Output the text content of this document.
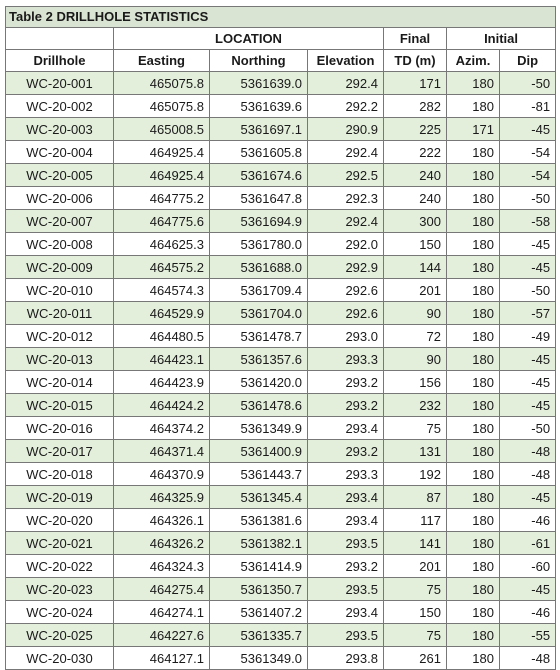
Table 2 DRILLHOLE STATISTICS						
	LOCATION			Final	Initial	
Drillhole	Easting	Northing	Elevation	TD (m)	Azim.	Dip
WC-20-001	465075.8	5361639.0	292.4	171	180	-50
WC-20-002	465075.8	5361639.6	292.2	282	180	-81
WC-20-003	465008.5	5361697.1	290.9	225	171	-45
WC-20-004	464925.4	5361605.8	292.4	222	180	-54
WC-20-005	464925.4	5361674.6	292.5	240	180	-54
WC-20-006	464775.2	5361647.8	292.3	240	180	-50
WC-20-007	464775.6	5361694.9	292.4	300	180	-58
WC-20-008	464625.3	5361780.0	292.0	150	180	-45
WC-20-009	464575.2	5361688.0	292.9	144	180	-45
WC-20-010	464574.3	5361709.4	292.6	201	180	-50
WC-20-011	464529.9	5361704.0	292.6	90	180	-57
WC-20-012	464480.5	5361478.7	293.0	72	180	-49
WC-20-013	464423.1	5361357.6	293.3	90	180	-45
WC-20-014	464423.9	5361420.0	293.2	156	180	-45
WC-20-015	464424.2	5361478.6	293.2	232	180	-45
WC-20-016	464374.2	5361349.9	293.4	75	180	-50
WC-20-017	464371.4	5361400.9	293.2	131	180	-48
WC-20-018	464370.9	5361443.7	293.3	192	180	-48
WC-20-019	464325.9	5361345.4	293.4	87	180	-45
WC-20-020	464326.1	5361381.6	293.4	117	180	-46
WC-20-021	464326.2	5361382.1	293.5	141	180	-61
WC-20-022	464324.3	5361414.9	293.2	201	180	-60
WC-20-023	464275.4	5361350.7	293.5	75	180	-45
WC-20-024	464274.1	5361407.2	293.4	150	180	-46
WC-20-025	464227.6	5361335.7	293.5	75	180	-55
WC-20-030	464127.1	5361349.0	293.8	261	180	-48
